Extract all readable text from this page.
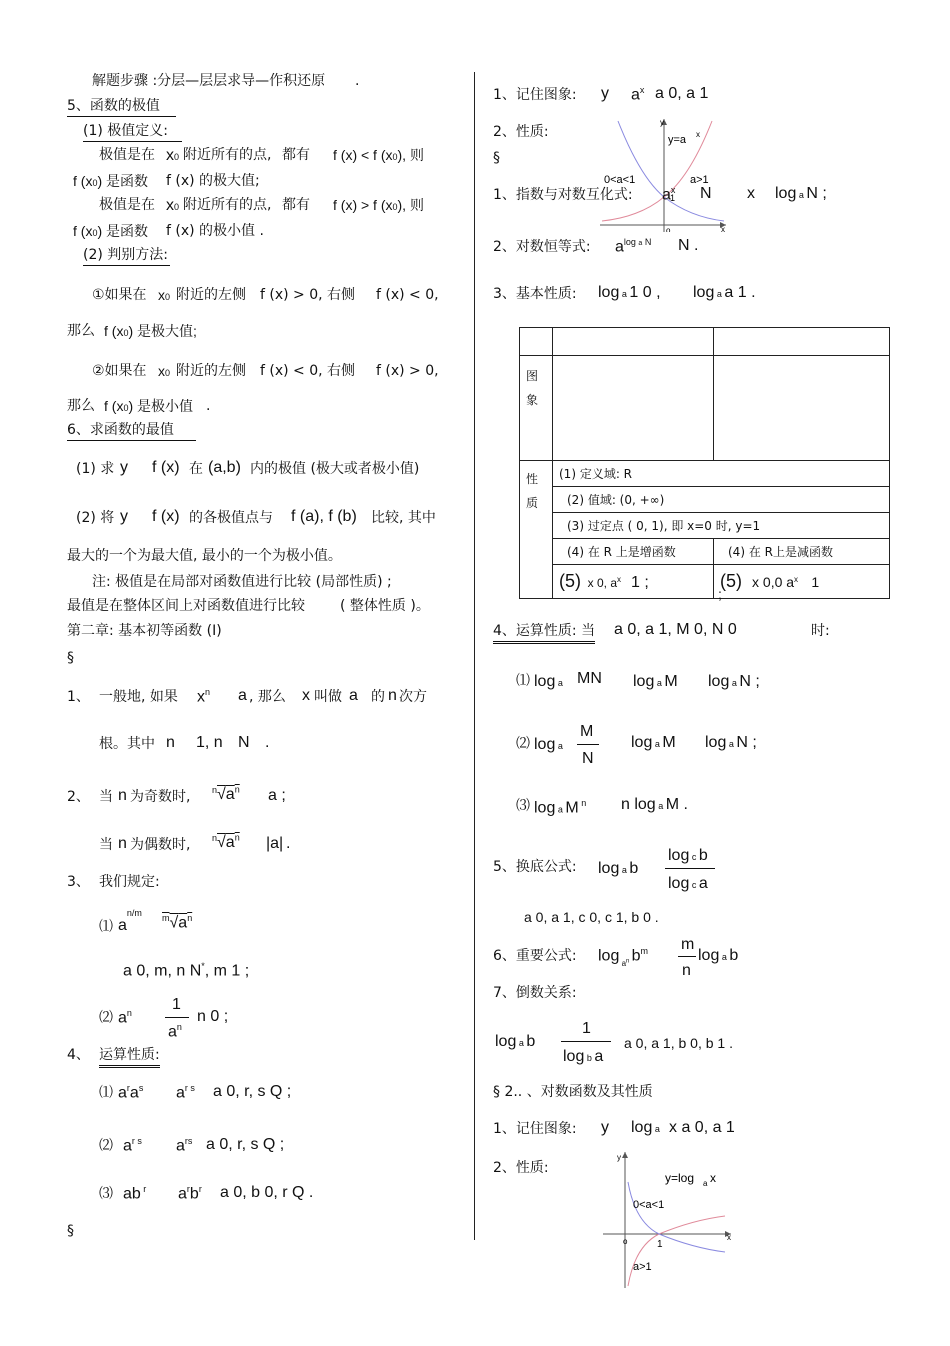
解题步骤 :分层—层层求导—作积还原 .
5、函数的极值
(1) 极值定义:
极值是在 x0 附近所有的点, 都有 f (x) < f (x0), 则
f (x0) 是函数 f (x) 的极大值;
极值是在 x0 附近所有的点, 都有 f (x) > f (x0), 则
f (x0) 是函数 f (x) 的极小值 .
(2) 判别方法:
①如果在 x0 附近的左侧 f (x) > 0, 右侧 f (x) < 0,
那么 f (x0) 是极大值;
②如果在 x0 附近的左侧 f (x) < 0, 右侧 f (x) > 0,
那么 f (x0) 是极小值 .
6、求函数的最值
(1) 求 y f (x) 在 (a,b) 内的极值 (极大或者极小值)
(2) 将 y f (x) 的各极值点与 f (a), f (b) 比较, 其中
最大的一个为最大值, 最小的一个为极小值。
注: 极值是在局部对函数值进行比较 (局部性质) ;
最值是在整体区间上对函数值进行比较	( 整体性质 )。
第二章: 基本初等函数 (Ⅰ)
§
1、 一般地, 如果 $x^n$ a , 那么 x 叫做 a 的 n 次方
根。其中 n 1, n N .
2、 当 n 为奇数时, $^n√a^n$ a ;
当 n 为偶数时, $^n√a^n$ |a| .
3、 我们规定:
⑴ $a^{n/m}$ $^m√a^n$
a 0, m, n N*, m 1 ;
⑵ $a^n$	1
$a^n$
n 0 ;
4、 运算性质:
⑴ $a^ra^s$ $a^{r s}$ a 0, r, s Q ;
⑵ $a^{r s}$ $a^{rs}$ a 0, r, s Q ;
⑶ ab $^r$ $a^rb^r$ a 0, b 0, r Q .
§
1、记住图象: y $a^x$ a 0, a 1
2、性质:
§
y
x
o
y=a x
0<a<1	a>1
1
1、指数与对数互化式: $a^x$ N x log a N ;
2、对数恒等式: $a^{log a N}$ N .
3、基本性质: log a 1 0 , log a a 1 .

图
象		
性
质	(1) 定义域: R	
	(2) 值域: (0, +∞)	
	(3) 过定点 ( 0, 1), 即 x=0 时, y=1	
	(4) 在 R 上是增函数	(4) 在 R上是减函数
	(5) x 0, $a^x$ 1 ;	(5) x 0,0 $a^x$ 1
;
4、运算性质: 当 a 0, a 1, M 0, N 0	时:
⑴ log a MN log a M log a N ;
⑵ log a
M
N
log a M log a N ;
⑶ log a M $^n$ n log a M .
5、换底公式: log a b
log c b
log c a
a 0, a 1, c 0, c 1, b 0 .
6、重要公式: log $_{a^n}$ $b^m$ m
n
log a b
7、倒数关系:
log a b
1
log b a
a 0, a 1, b 0, b 1 .
§ 2.. 、对数函数及其性质
1、记住图象: y log a x a 0, a 1
2、性质:
y
x
o
y=log a x
0<a<1
a>1
1
